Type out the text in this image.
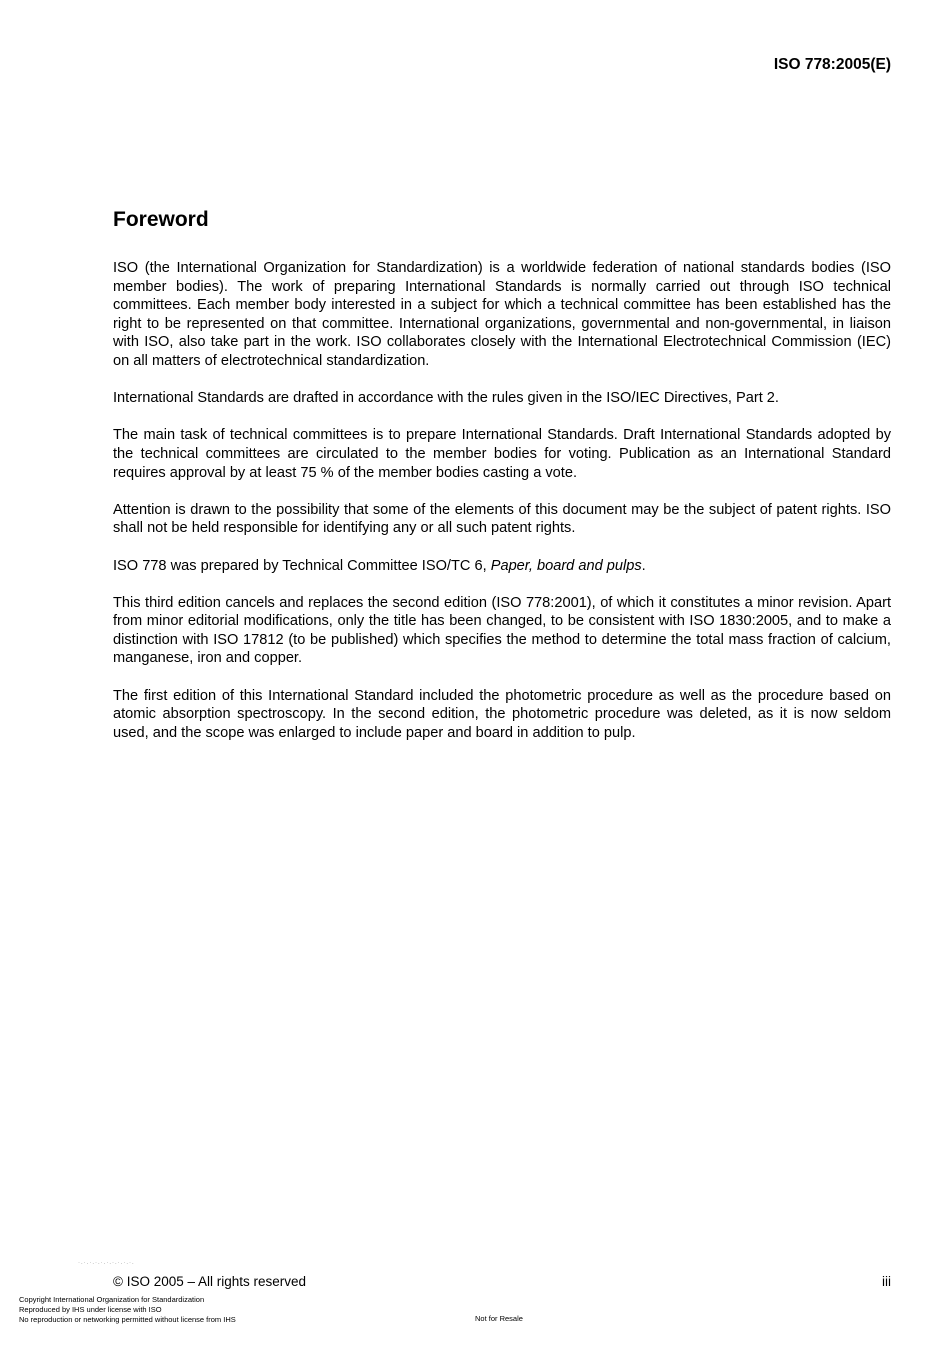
ISO 778:2005(E)
Foreword

ISO (the International Organization for Standardization) is a worldwide federation of national standards bodies (ISO member bodies). The work of preparing International Standards is normally carried out through ISO technical committees. Each member body interested in a subject for which a technical committee has been established has the right to be represented on that committee. International organizations, governmental and non-governmental, in liaison with ISO, also take part in the work. ISO collaborates closely with the International Electrotechnical Commission (IEC) on all matters of electrotechnical standardization.

International Standards are drafted in accordance with the rules given in the ISO/IEC Directives, Part 2.

The main task of technical committees is to prepare International Standards. Draft International Standards adopted by the technical committees are circulated to the member bodies for voting. Publication as an International Standard requires approval by at least 75 % of the member bodies casting a vote.

Attention is drawn to the possibility that some of the elements of this document may be the subject of patent rights. ISO shall not be held responsible for identifying any or all such patent rights.

ISO 778 was prepared by Technical Committee ISO/TC 6, Paper, board and pulps.

This third edition cancels and replaces the second edition (ISO 778:2001), of which it constitutes a minor revision. Apart from minor editorial modifications, only the title has been changed, to be consistent with ISO 1830:2005, and to make a distinction with ISO 17812 (to be published) which specifies the method to determine the total mass fraction of calcium, manganese, iron and copper.

The first edition of this International Standard included the photometric procedure as well as the procedure based on atomic absorption spectroscopy. In the second edition, the photometric procedure was deleted, as it is now seldom used, and the scope was enlarged to include paper and board in addition to pulp.

·.·.·.·.·.·.·.·.·.·.
© ISO 2005 – All rights reserved	iii
Copyright International Organization for Standardization
Reproduced by IHS under license with ISO
No reproduction or networking permitted without license from IHS	Not for Resale
